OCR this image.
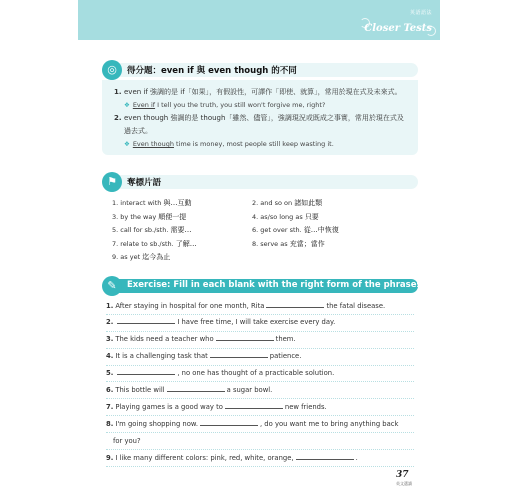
英語語法
Closer Tests
◎	得分題：even if 與 even though 的不同

1. even if 強調的是 if「如果」，有假設性，可譯作「即使、就算」，常用於現在式及未來式。

❖ Even if I tell you the truth, you still won't forgive me, right?

2. even though 強調的是 though「雖然、儘管」，強調現況或既成之事實，常用於現在式及過去式。

❖ Even though time is money, most people still keep wasting it.

⚑	奪標片語
1. interact with 與…互動	2. and so on 諸如此類
3. by the way 順便一提	4. as/so long as 只要
5. call for sb./sth. 需要…	6. get over sth. 從…中恢復
7. relate to sb./sth. 了解…	8. serve as 充當；當作
9. as yet 迄今為止
✎	Exercise: Fill in each blank with the right form of the phrases above.
1. After staying in hospital for one month, Rita	the fatal disease.
2.	I have free time, I will take exercise every day.
3. The kids need a teacher who	them.
4. It is a challenging task that	patience.
5.	, no one has thought of a practicable solution.
6. This bottle will	a sugar bowl.
7. Playing games is a good way to	new friends.
8. I'm going shopping now.	, do you want me to bring anything back
for you?
9. I like many different colors: pink, red, white, orange,	.
37
英文選讀
